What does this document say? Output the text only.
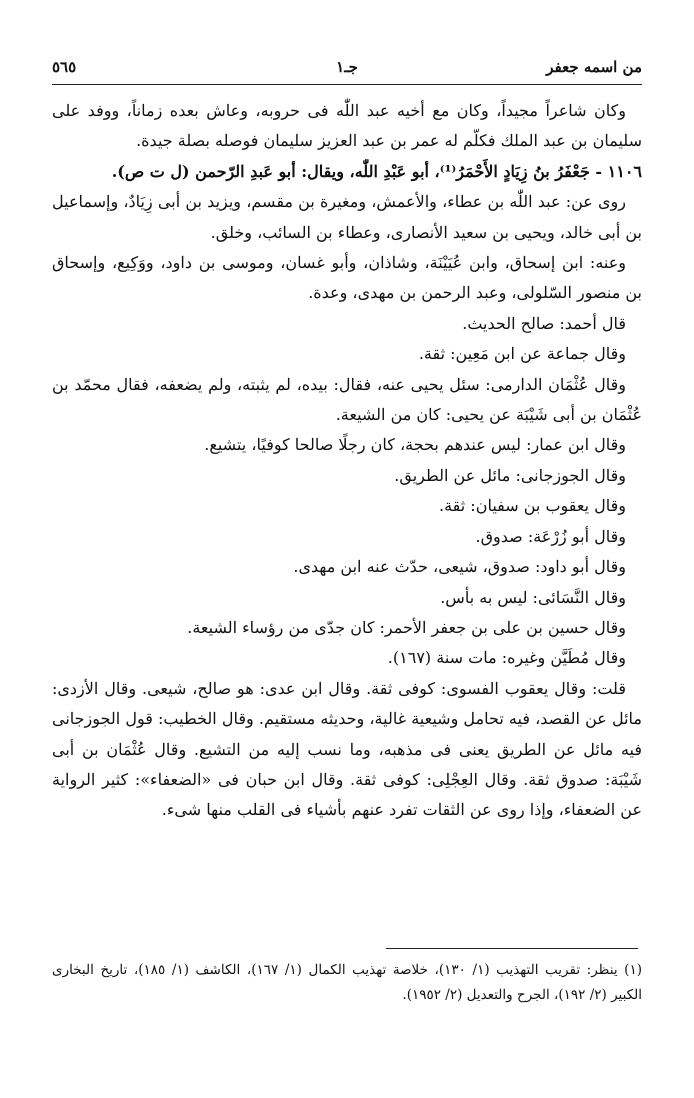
٥٦٥	جـ١	من اسمه جعفر

وكان شاعراً مجيداً، وكان مع أخيه عبد اللّٰه فى حروبه، وعاش بعده زماناً، ووفد على سليمان بن عبد الملك فكلّم له عمر بن عبد العزيز سليمان فوصله بصلة جيدة.

١١٠٦ - جَعْفَرُ بنُ زِيَادٍ الأَحْمَرُ⁽¹⁾، أبو عَبْدِ اللّٰه، ويقال: أبو عَبدِ الرّحمن (ل ت ص).

روى عن: عبد اللّٰه بن عطاء، والأعمش، ومغيرة بن مقسم، ويزيد بن أبى زِيَادٌ، وإسماعيل بن أبى خالد، ويحيى بن سعيد الأنصارى، وعطاء بن السائب، وخلق.

وعنه: ابن إسحاق، وابن عُيَيْنَة، وشاذان، وأبو غسان، وموسى بن داود، ووَكِيع، وإسحاق بن منصور السّلولى، وعبد الرحمن بن مهدى، وعدة.

قال أحمد: صالح الحديث.

وقال جماعة عن ابن مَعِين: ثقة.

وقال عُثْمَان الدارمى: سئل يحيى عنه، فقال: بيده، لم يثبته، ولم يضعفه، فقال محمّد بن عُثْمَان بن أبى شَيْبَة عن يحيى: كان من الشيعة.

وقال ابن عمار: ليس عندهم بحجة، كان رجلًا صالحا كوفيًا، يتشيع.

وقال الجوزجانى: مائل عن الطريق.

وقال يعقوب بن سفيان: ثقة.

وقال أبو زُرْعَة: صدوق.

وقال أبو داود: صدوق، شيعى، حدّث عنه ابن مهدى.

وقال النَّسَائى: ليس به بأس.

وقال حسين بن على بن جعفر الأحمر: كان جدّى من رؤساء الشيعة.

وقال مُطَيَّن وغيره: مات سنة (١٦٧).

قلت: وقال يعقوب الفسوى: كوفى ثقة. وقال ابن عدى: هو صالح، شيعى. وقال الأزدى: مائل عن القصد، فيه تحامل وشيعية غالية، وحديثه مستقيم. وقال الخطيب: قول الجوزجانى فيه مائل عن الطريق يعنى فى مذهبه، وما نسب إليه من التشيع. وقال عُثْمَان بن أبى شَيْبَة: صدوق ثقة. وقال العِجْلِى: كوفى ثقة. وقال ابن حبان فى «الضعفاء»: كثير الرواية عن الضعفاء، وإذا روى عن الثقات تفرد عنهم بأشياء فى القلب منها شىء.

(١) ينظر: تقريب التهذيب (١/ ١٣٠)، خلاصة تهذيب الكمال (١/ ١٦٧)، الكاشف (١/ ١٨٥)، تاريخ البخارى الكبير (٢/ ١٩٢)، الجرح والتعديل (٢/ ١٩٥٢).
